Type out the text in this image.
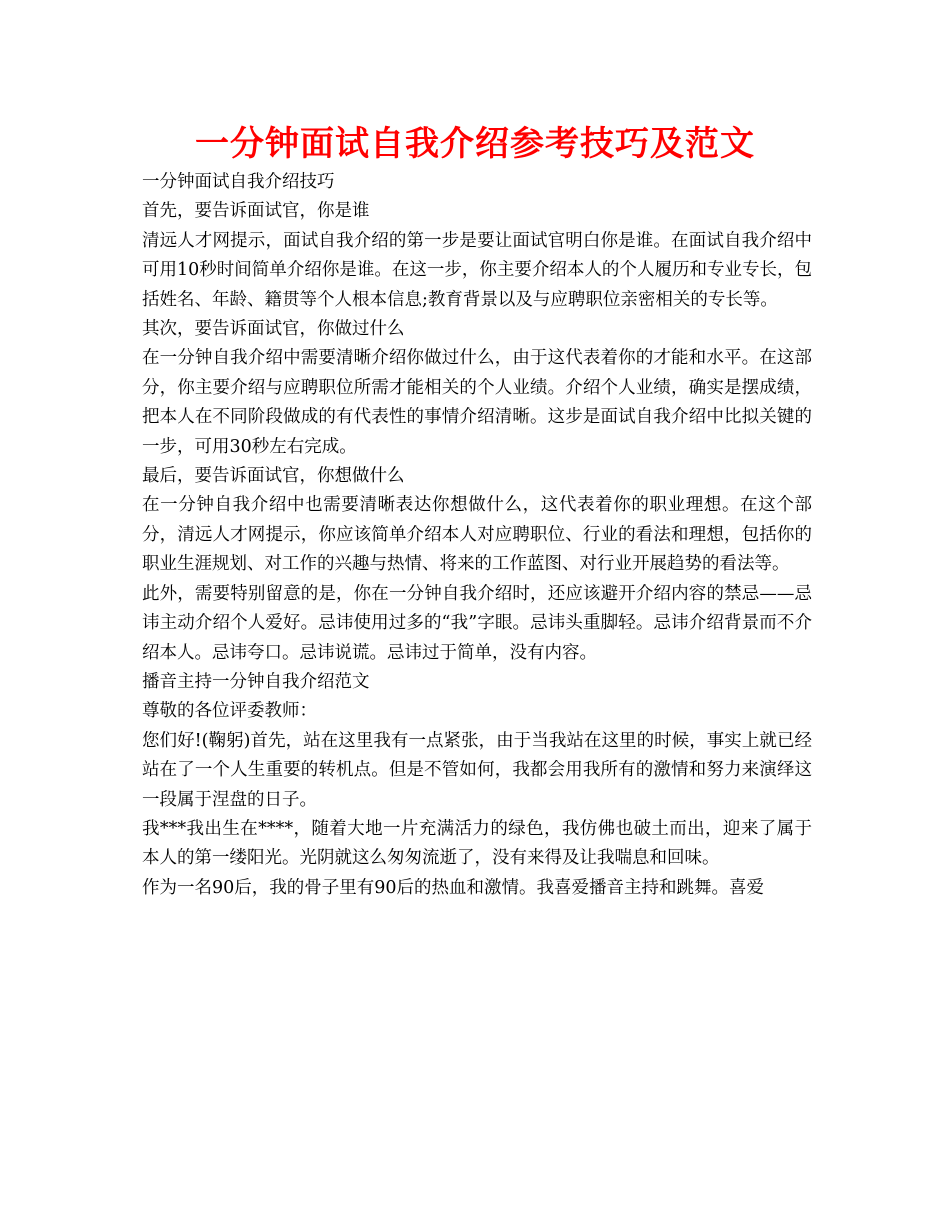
一分钟面试自我介绍参考技巧及范文

一分钟面试自我介绍技巧

首先，要告诉面试官，你是谁

清远人才网提示，面试自我介绍的第一步是要让面试官明白你是谁。在面试自我介绍中可用10秒时间简单介绍你是谁。在这一步，你主要介绍本人的个人履历和专业专长，包括姓名、年龄、籍贯等个人根本信息;教育背景以及与应聘职位亲密相关的专长等。

其次，要告诉面试官，你做过什么

在一分钟自我介绍中需要清晰介绍你做过什么，由于这代表着你的才能和水平。在这部分，你主要介绍与应聘职位所需才能相关的个人业绩。介绍个人业绩，确实是摆成绩，把本人在不同阶段做成的有代表性的事情介绍清晰。这步是面试自我介绍中比拟关键的一步，可用30秒左右完成。

最后，要告诉面试官，你想做什么

在一分钟自我介绍中也需要清晰表达你想做什么，这代表着你的职业理想。在这个部分，清远人才网提示，你应该简单介绍本人对应聘职位、行业的看法和理想，包括你的职业生涯规划、对工作的兴趣与热情、将来的工作蓝图、对行业开展趋势的看法等。

此外，需要特别留意的是，你在一分钟自我介绍时，还应该避开介绍内容的禁忌——忌讳主动介绍个人爱好。忌讳使用过多的“我”字眼。忌讳头重脚轻。忌讳介绍背景而不介绍本人。忌讳夸口。忌讳说谎。忌讳过于简单，没有内容。

播音主持一分钟自我介绍范文

尊敬的各位评委教师：

您们好!(鞠躬)首先，站在这里我有一点紧张，由于当我站在这里的时候，事实上就已经站在了一个人生重要的转机点。但是不管如何，我都会用我所有的激情和努力来演绎这一段属于涅盘的日子。

我***我出生在****，随着大地一片充满活力的绿色，我仿佛也破土而出，迎来了属于本人的第一缕阳光。光阴就这么匆匆流逝了，没有来得及让我喘息和回味。

作为一名90后，我的骨子里有90后的热血和激情。我喜爱播音主持和跳舞。喜爱
